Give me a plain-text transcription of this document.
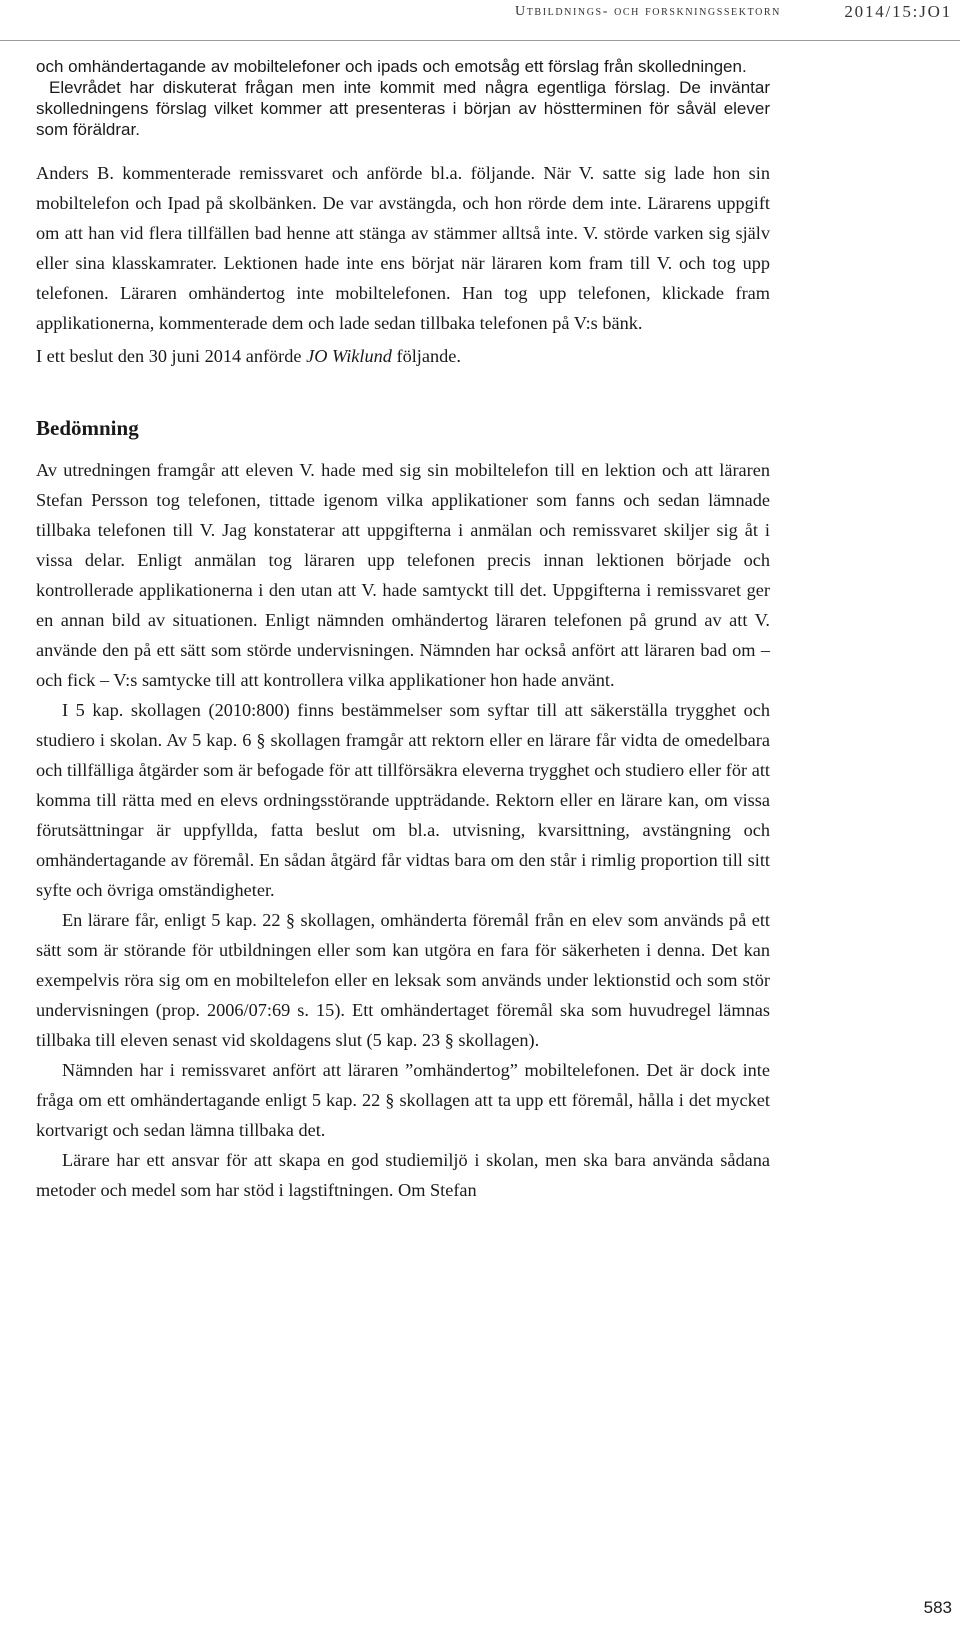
Utbildnings- och forskningssektorn	2014/15:JO1

och omhändertagande av mobiltelefoner och ipads och emotsåg ett förslag från skolledningen.

Elevrådet har diskuterat frågan men inte kommit med några egentliga förslag. De inväntar skolledningens förslag vilket kommer att presenteras i början av höstterminen för såväl elever som föräldrar.

Anders B. kommenterade remissvaret och anförde bl.a. följande. När V. satte sig lade hon sin mobiltelefon och Ipad på skolbänken. De var avstängda, och hon rörde dem inte. Lärarens uppgift om att han vid flera tillfällen bad henne att stänga av stämmer alltså inte. V. störde varken sig själv eller sina klasskamrater. Lektionen hade inte ens börjat när läraren kom fram till V. och tog upp telefonen. Läraren omhändertog inte mobiltelefonen. Han tog upp telefonen, klickade fram applikationerna, kommenterade dem och lade sedan tillbaka telefonen på V:s bänk.

I ett beslut den 30 juni 2014 anförde JO Wiklund följande.

Bedömning

Av utredningen framgår att eleven V. hade med sig sin mobiltelefon till en lektion och att läraren Stefan Persson tog telefonen, tittade igenom vilka applikationer som fanns och sedan lämnade tillbaka telefonen till V. Jag konstaterar att uppgifterna i anmälan och remissvaret skiljer sig åt i vissa delar. Enligt anmälan tog läraren upp telefonen precis innan lektionen började och kontrollerade applikationerna i den utan att V. hade samtyckt till det. Uppgifterna i remissvaret ger en annan bild av situationen. Enligt nämnden omhändertog läraren telefonen på grund av att V. använde den på ett sätt som störde undervisningen. Nämnden har också anfört att läraren bad om – och fick – V:s samtycke till att kontrollera vilka applikationer hon hade använt.

I 5 kap. skollagen (2010:800) finns bestämmelser som syftar till att säkerställa trygghet och studiero i skolan. Av 5 kap. 6 § skollagen framgår att rektorn eller en lärare får vidta de omedelbara och tillfälliga åtgärder som är befogade för att tillförsäkra eleverna trygghet och studiero eller för att komma till rätta med en elevs ordningsstörande uppträdande. Rektorn eller en lärare kan, om vissa förutsättningar är uppfyllda, fatta beslut om bl.a. utvisning, kvarsittning, avstängning och omhändertagande av föremål. En sådan åtgärd får vidtas bara om den står i rimlig proportion till sitt syfte och övriga omständigheter.

En lärare får, enligt 5 kap. 22 § skollagen, omhänderta föremål från en elev som används på ett sätt som är störande för utbildningen eller som kan utgöra en fara för säkerheten i denna. Det kan exempelvis röra sig om en mobiltelefon eller en leksak som används under lektionstid och som stör undervisningen (prop. 2006/07:69 s. 15). Ett omhändertaget föremål ska som huvudregel lämnas tillbaka till eleven senast vid skoldagens slut (5 kap. 23 § skollagen).

Nämnden har i remissvaret anfört att läraren ”omhändertog” mobiltelefonen. Det är dock inte fråga om ett omhändertagande enligt 5 kap. 22 § skollagen att ta upp ett föremål, hålla i det mycket kortvarigt och sedan lämna tillbaka det.

Lärare har ett ansvar för att skapa en god studiemiljö i skolan, men ska bara använda sådana metoder och medel som har stöd i lagstiftningen. Om Stefan

583
